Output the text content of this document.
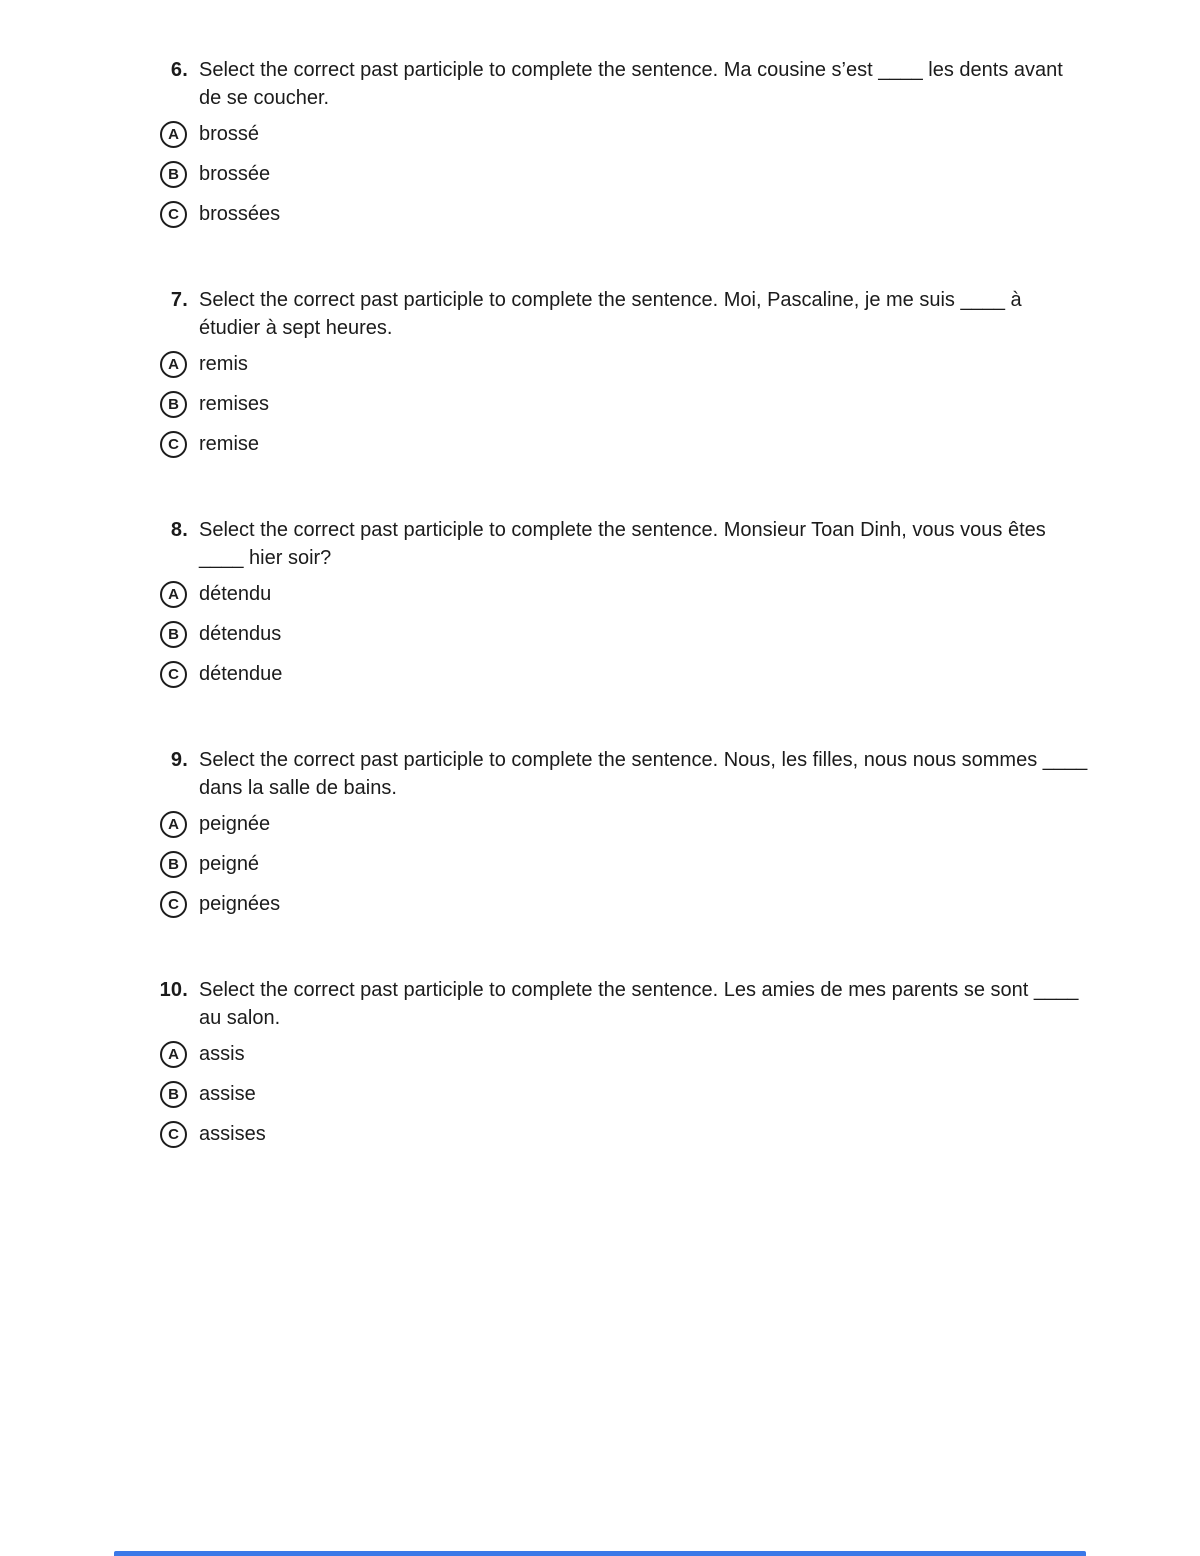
6. Select the correct past participle to complete the sentence. Ma cousine s’est ____ les dents avant de se coucher.
A brossé
B brossée
C brossées
7. Select the correct past participle to complete the sentence. Moi, Pascaline, je me suis ____ à étudier à sept heures.
A remis
B remises
C remise
8. Select the correct past participle to complete the sentence. Monsieur Toan Dinh, vous vous êtes ____ hier soir?
A détendu
B détendus
C détendue
9. Select the correct past participle to complete the sentence. Nous, les filles, nous nous sommes ____ dans la salle de bains.
A peignée
B peigné
C peignées
10. Select the correct past participle to complete the sentence. Les amies de mes parents se sont ____ au salon.
A assis
B assise
C assises
